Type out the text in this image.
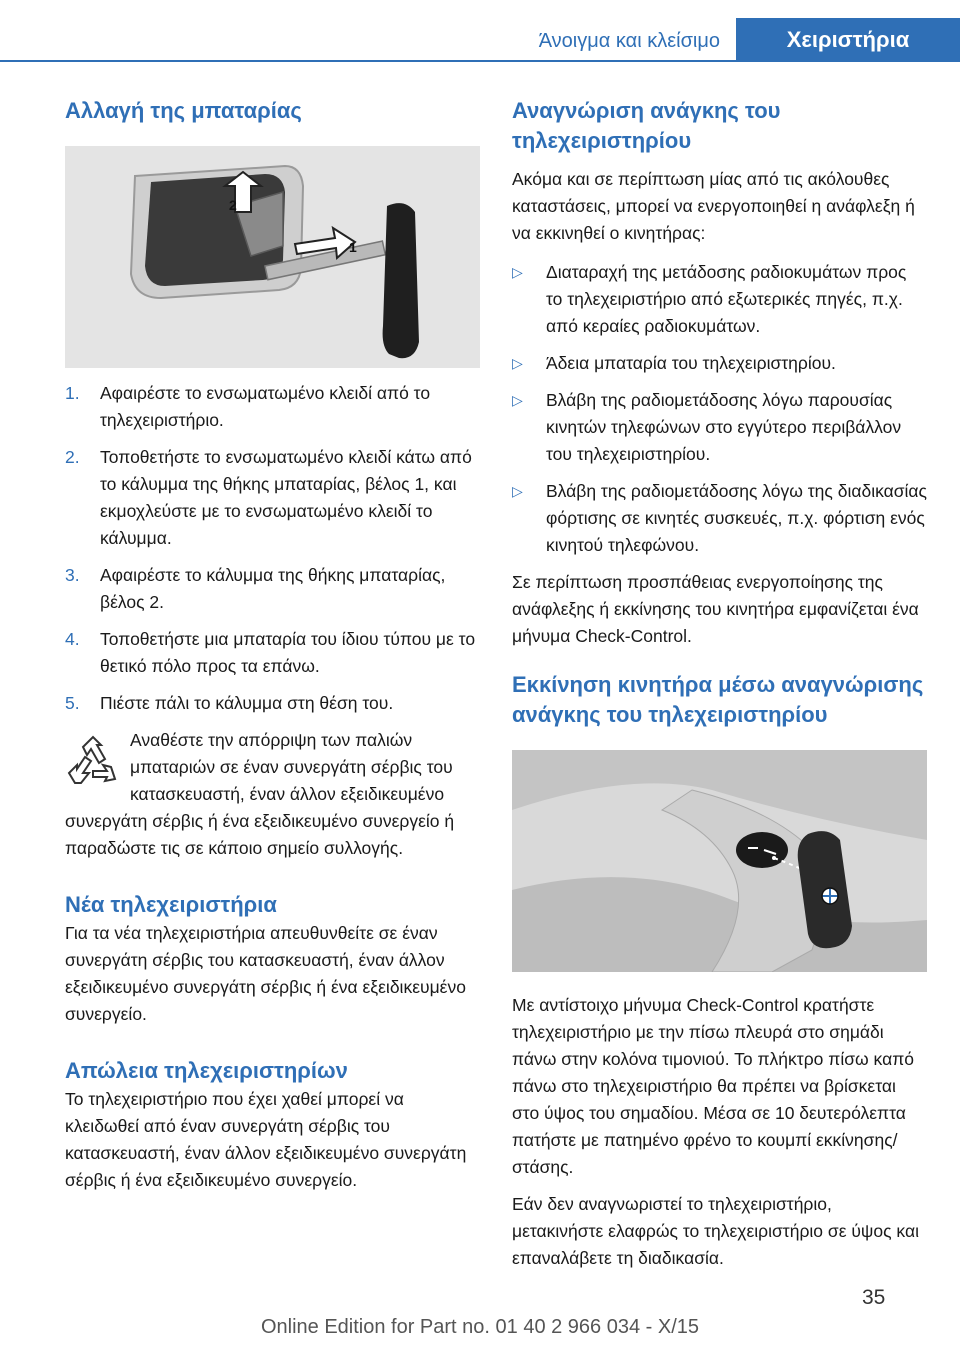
Άνοιγμα και κλείσιμο	Χειριστήρια
Αλλαγή της μπαταρίας
2
1
1.	Αφαιρέστε το ενσωματωμένο κλειδί από το τηλεχειριστήριο.
2.	Τοποθετήστε το ενσωματωμένο κλειδί κάτω από το κάλυμμα της θήκης μπαταρίας, βέλος 1, και εκμοχλεύστε με το ενσωματωμένο κλειδί το κάλυμμα.
3.	Αφαιρέστε το κάλυμμα της θήκης μπαταρίας, βέλος 2.
4.	Τοποθετήστε μια μπαταρία του ίδιου τύπου με το θετικό πόλο προς τα επάνω.
5.	Πιέστε πάλι το κάλυμμα στη θέση του.
Αναθέστε την απόρριψη των παλιών μπαταριών σε έναν συνεργάτη σέρβις του κατασκευαστή, έναν άλλον εξειδικευμένο συνεργάτη σέρβις ή ένα εξειδικευμένο συνεργείο ή παραδώστε τις σε κάποιο σημείο συλλογής.
Νέα τηλεχειριστήρια

Για τα νέα τηλεχειριστήρια απευθυνθείτε σε έναν συνεργάτη σέρβις του κατασκευαστή, έναν άλλον εξειδικευμένο συνεργάτη σέρβις ή ένα εξειδικευμένο συνεργείο.

Απώλεια τηλεχειριστηρίων

Το τηλεχειριστήριο που έχει χαθεί μπορεί να κλειδωθεί από έναν συνεργάτη σέρβις του κατασκευαστή, έναν άλλον εξειδικευμένο συνεργάτη σέρβις ή ένα εξειδικευμένο συνεργείο.

Αναγνώριση ανάγκης του τηλεχειριστηρίου

Ακόμα και σε περίπτωση μίας από τις ακόλουθες καταστάσεις, μπορεί να ενεργοποιηθεί η ανάφλεξη ή να εκκινηθεί ο κινητήρας:

▷	Διαταραχή της μετάδοσης ραδιοκυμάτων προς το τηλεχειριστήριο από εξωτερικές πηγές, π.χ. από κεραίες ραδιοκυμάτων.
▷	Άδεια μπαταρία του τηλεχειριστηρίου.
▷	Βλάβη της ραδιομετάδοσης λόγω παρουσίας κινητών τηλεφώνων στο εγγύτερο περιβάλλον του τηλεχειριστηρίου.
▷	Βλάβη της ραδιομετάδοσης λόγω της διαδικασίας φόρτισης σε κινητές συσκευές, π.χ. φόρτιση ενός κινητού τηλεφώνου.

Σε περίπτωση προσπάθειας ενεργοποίησης της ανάφλεξης ή εκκίνησης του κινητήρα εμφανίζεται ένα μήνυμα Check-Control.

Εκκίνηση κινητήρα μέσω αναγνώρισης ανάγκης του τηλεχειριστηρίου

Με αντίστοιχο μήνυμα Check-Control κρατήστε τηλεχειριστήριο με την πίσω πλευρά στο σημάδι πάνω στην κολόνα τιμονιού. Το πλήκτρο πίσω καπό πάνω στο τηλεχειριστήριο θα πρέπει να βρίσκεται στο ύψος του σημαδίου. Μέσα σε 10 δευτερόλεπτα πατήστε με πατημένο φρένο το κουμπί εκκίνησης/στάσης.

Εάν δεν αναγνωριστεί το τηλεχειριστήριο, μετακινήστε ελαφρώς το τηλεχειριστήριο σε ύψος και επαναλάβετε τη διαδικασία.

35
Online Edition for Part no. 01 40 2 966 034 - X/15
